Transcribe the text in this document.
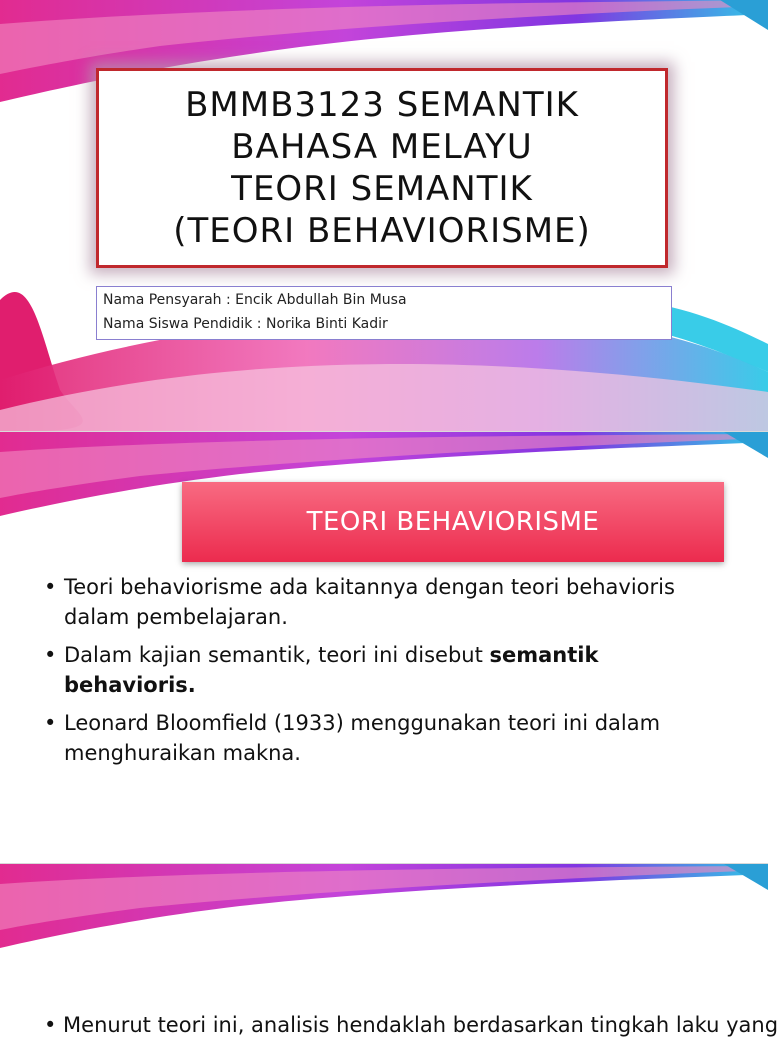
BMMB3123 SEMANTIK
BAHASA MELAYU
TEORI SEMANTIK
(TEORI BEHAVIORISME)
Nama Pensyarah : Encik Abdullah Bin Musa
Nama Siswa Pendidik : Norika Binti Kadir
TEORI BEHAVIORISME
• Teori behaviorisme ada kaitannya dengan teori behavioris dalam pembelajaran.
• Dalam kajian semantik, teori ini disebut semantik behavioris.
• Leonard Bloomfield (1933) menggunakan teori ini dalam menghuraikan makna.
• Menurut teori ini, analisis hendaklah berdasarkan tingkah laku yang
